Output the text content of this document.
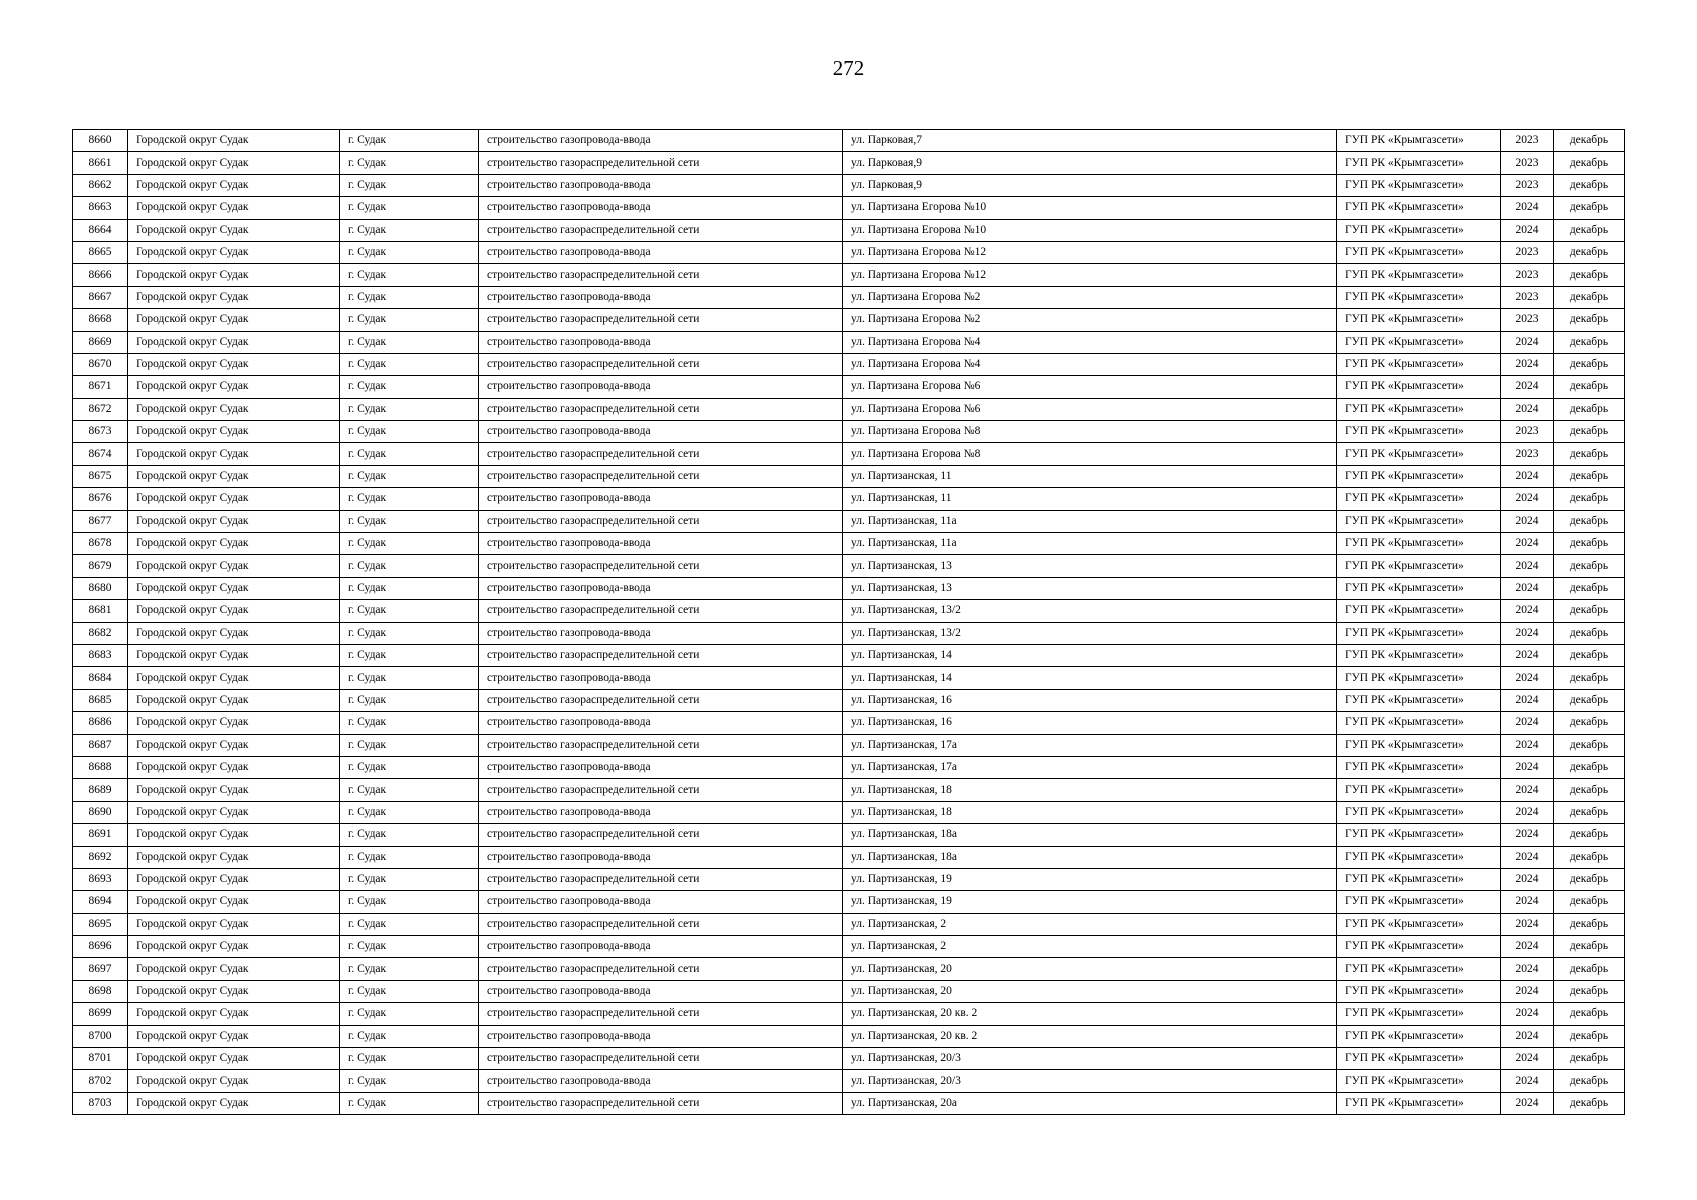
272
8660	Городской округ Судак	г. Судак	строительство газопровода-ввода	ул. Парковая,7	ГУП РК «Крымгазсети»	2023	декабрь
8661	Городской округ Судак	г. Судак	строительство газораспределительной сети	ул. Парковая,9	ГУП РК «Крымгазсети»	2023	декабрь
8662	Городской округ Судак	г. Судак	строительство газопровода-ввода	ул. Парковая,9	ГУП РК «Крымгазсети»	2023	декабрь
8663	Городской округ Судак	г. Судак	строительство газопровода-ввода	ул. Партизана Егорова №10	ГУП РК «Крымгазсети»	2024	декабрь
8664	Городской округ Судак	г. Судак	строительство газораспределительной сети	ул. Партизана Егорова №10	ГУП РК «Крымгазсети»	2024	декабрь
8665	Городской округ Судак	г. Судак	строительство газопровода-ввода	ул. Партизана Егорова №12	ГУП РК «Крымгазсети»	2023	декабрь
8666	Городской округ Судак	г. Судак	строительство газораспределительной сети	ул. Партизана Егорова №12	ГУП РК «Крымгазсети»	2023	декабрь
8667	Городской округ Судак	г. Судак	строительство газопровода-ввода	ул. Партизана Егорова №2	ГУП РК «Крымгазсети»	2023	декабрь
8668	Городской округ Судак	г. Судак	строительство газораспределительной сети	ул. Партизана Егорова №2	ГУП РК «Крымгазсети»	2023	декабрь
8669	Городской округ Судак	г. Судак	строительство газопровода-ввода	ул. Партизана Егорова №4	ГУП РК «Крымгазсети»	2024	декабрь
8670	Городской округ Судак	г. Судак	строительство газораспределительной сети	ул. Партизана Егорова №4	ГУП РК «Крымгазсети»	2024	декабрь
8671	Городской округ Судак	г. Судак	строительство газопровода-ввода	ул. Партизана Егорова №6	ГУП РК «Крымгазсети»	2024	декабрь
8672	Городской округ Судак	г. Судак	строительство газораспределительной сети	ул. Партизана Егорова №6	ГУП РК «Крымгазсети»	2024	декабрь
8673	Городской округ Судак	г. Судак	строительство газопровода-ввода	ул. Партизана Егорова №8	ГУП РК «Крымгазсети»	2023	декабрь
8674	Городской округ Судак	г. Судак	строительство газораспределительной сети	ул. Партизана Егорова №8	ГУП РК «Крымгазсети»	2023	декабрь
8675	Городской округ Судак	г. Судак	строительство газораспределительной сети	ул. Партизанская, 11	ГУП РК «Крымгазсети»	2024	декабрь
8676	Городской округ Судак	г. Судак	строительство газопровода-ввода	ул. Партизанская, 11	ГУП РК «Крымгазсети»	2024	декабрь
8677	Городской округ Судак	г. Судак	строительство газораспределительной сети	ул. Партизанская, 11а	ГУП РК «Крымгазсети»	2024	декабрь
8678	Городской округ Судак	г. Судак	строительство газопровода-ввода	ул. Партизанская, 11а	ГУП РК «Крымгазсети»	2024	декабрь
8679	Городской округ Судак	г. Судак	строительство газораспределительной сети	ул. Партизанская, 13	ГУП РК «Крымгазсети»	2024	декабрь
8680	Городской округ Судак	г. Судак	строительство газопровода-ввода	ул. Партизанская, 13	ГУП РК «Крымгазсети»	2024	декабрь
8681	Городской округ Судак	г. Судак	строительство газораспределительной сети	ул. Партизанская, 13/2	ГУП РК «Крымгазсети»	2024	декабрь
8682	Городской округ Судак	г. Судак	строительство газопровода-ввода	ул. Партизанская, 13/2	ГУП РК «Крымгазсети»	2024	декабрь
8683	Городской округ Судак	г. Судак	строительство газораспределительной сети	ул. Партизанская, 14	ГУП РК «Крымгазсети»	2024	декабрь
8684	Городской округ Судак	г. Судак	строительство газопровода-ввода	ул. Партизанская, 14	ГУП РК «Крымгазсети»	2024	декабрь
8685	Городской округ Судак	г. Судак	строительство газораспределительной сети	ул. Партизанская, 16	ГУП РК «Крымгазсети»	2024	декабрь
8686	Городской округ Судак	г. Судак	строительство газопровода-ввода	ул. Партизанская, 16	ГУП РК «Крымгазсети»	2024	декабрь
8687	Городской округ Судак	г. Судак	строительство газораспределительной сети	ул. Партизанская, 17а	ГУП РК «Крымгазсети»	2024	декабрь
8688	Городской округ Судак	г. Судак	строительство газопровода-ввода	ул. Партизанская, 17а	ГУП РК «Крымгазсети»	2024	декабрь
8689	Городской округ Судак	г. Судак	строительство газораспределительной сети	ул. Партизанская, 18	ГУП РК «Крымгазсети»	2024	декабрь
8690	Городской округ Судак	г. Судак	строительство газопровода-ввода	ул. Партизанская, 18	ГУП РК «Крымгазсети»	2024	декабрь
8691	Городской округ Судак	г. Судак	строительство газораспределительной сети	ул. Партизанская, 18а	ГУП РК «Крымгазсети»	2024	декабрь
8692	Городской округ Судак	г. Судак	строительство газопровода-ввода	ул. Партизанская, 18а	ГУП РК «Крымгазсети»	2024	декабрь
8693	Городской округ Судак	г. Судак	строительство газораспределительной сети	ул. Партизанская, 19	ГУП РК «Крымгазсети»	2024	декабрь
8694	Городской округ Судак	г. Судак	строительство газопровода-ввода	ул. Партизанская, 19	ГУП РК «Крымгазсети»	2024	декабрь
8695	Городской округ Судак	г. Судак	строительство газораспределительной сети	ул. Партизанская, 2	ГУП РК «Крымгазсети»	2024	декабрь
8696	Городской округ Судак	г. Судак	строительство газопровода-ввода	ул. Партизанская, 2	ГУП РК «Крымгазсети»	2024	декабрь
8697	Городской округ Судак	г. Судак	строительство газораспределительной сети	ул. Партизанская, 20	ГУП РК «Крымгазсети»	2024	декабрь
8698	Городской округ Судак	г. Судак	строительство газопровода-ввода	ул. Партизанская, 20	ГУП РК «Крымгазсети»	2024	декабрь
8699	Городской округ Судак	г. Судак	строительство газораспределительной сети	ул. Партизанская, 20 кв. 2	ГУП РК «Крымгазсети»	2024	декабрь
8700	Городской округ Судак	г. Судак	строительство газопровода-ввода	ул. Партизанская, 20 кв. 2	ГУП РК «Крымгазсети»	2024	декабрь
8701	Городской округ Судак	г. Судак	строительство газораспределительной сети	ул. Партизанская, 20/3	ГУП РК «Крымгазсети»	2024	декабрь
8702	Городской округ Судак	г. Судак	строительство газопровода-ввода	ул. Партизанская, 20/3	ГУП РК «Крымгазсети»	2024	декабрь
8703	Городской округ Судак	г. Судак	строительство газораспределительной сети	ул. Партизанская, 20а	ГУП РК «Крымгазсети»	2024	декабрь
